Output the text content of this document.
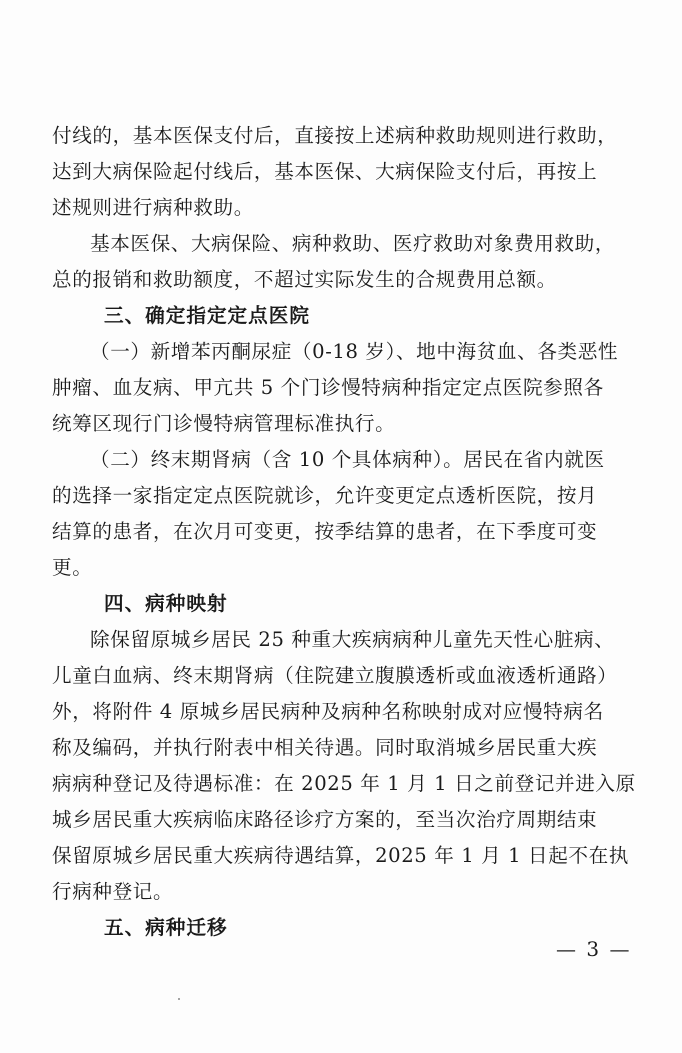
付线的，基本医保支付后，直接按上述病种救助规则进行救助，
达到大病保险起付线后，基本医保、大病保险支付后，再按上
述规则进行病种救助。
基本医保、大病保险、病种救助、医疗救助对象费用救助，
总的报销和救助额度，不超过实际发生的合规费用总额。
三、确定指定定点医院
（一）新增苯丙酮尿症（0-18 岁）、地中海贫血、各类恶性
肿瘤、血友病、甲亢共 5 个门诊慢特病种指定定点医院参照各
统筹区现行门诊慢特病管理标准执行。
（二）终末期肾病（含 10 个具体病种）。居民在省内就医
的选择一家指定定点医院就诊，允许变更定点透析医院，按月
结算的患者，在次月可变更，按季结算的患者，在下季度可变
更。
四、病种映射
除保留原城乡居民 25 种重大疾病病种儿童先天性心脏病、
儿童白血病、终末期肾病（住院建立腹膜透析或血液透析通路）
外，将附件 4 原城乡居民病种及病种名称映射成对应慢特病名
称及编码，并执行附表中相关待遇。同时取消城乡居民重大疾
病病种登记及待遇标准：在 2025 年 1 月 1 日之前登记并进入原
城乡居民重大疾病临床路径诊疗方案的，至当次治疗周期结束
保留原城乡居民重大疾病待遇结算，2025 年 1 月 1 日起不在执
行病种登记。
五、病种迁移
— 3 —
